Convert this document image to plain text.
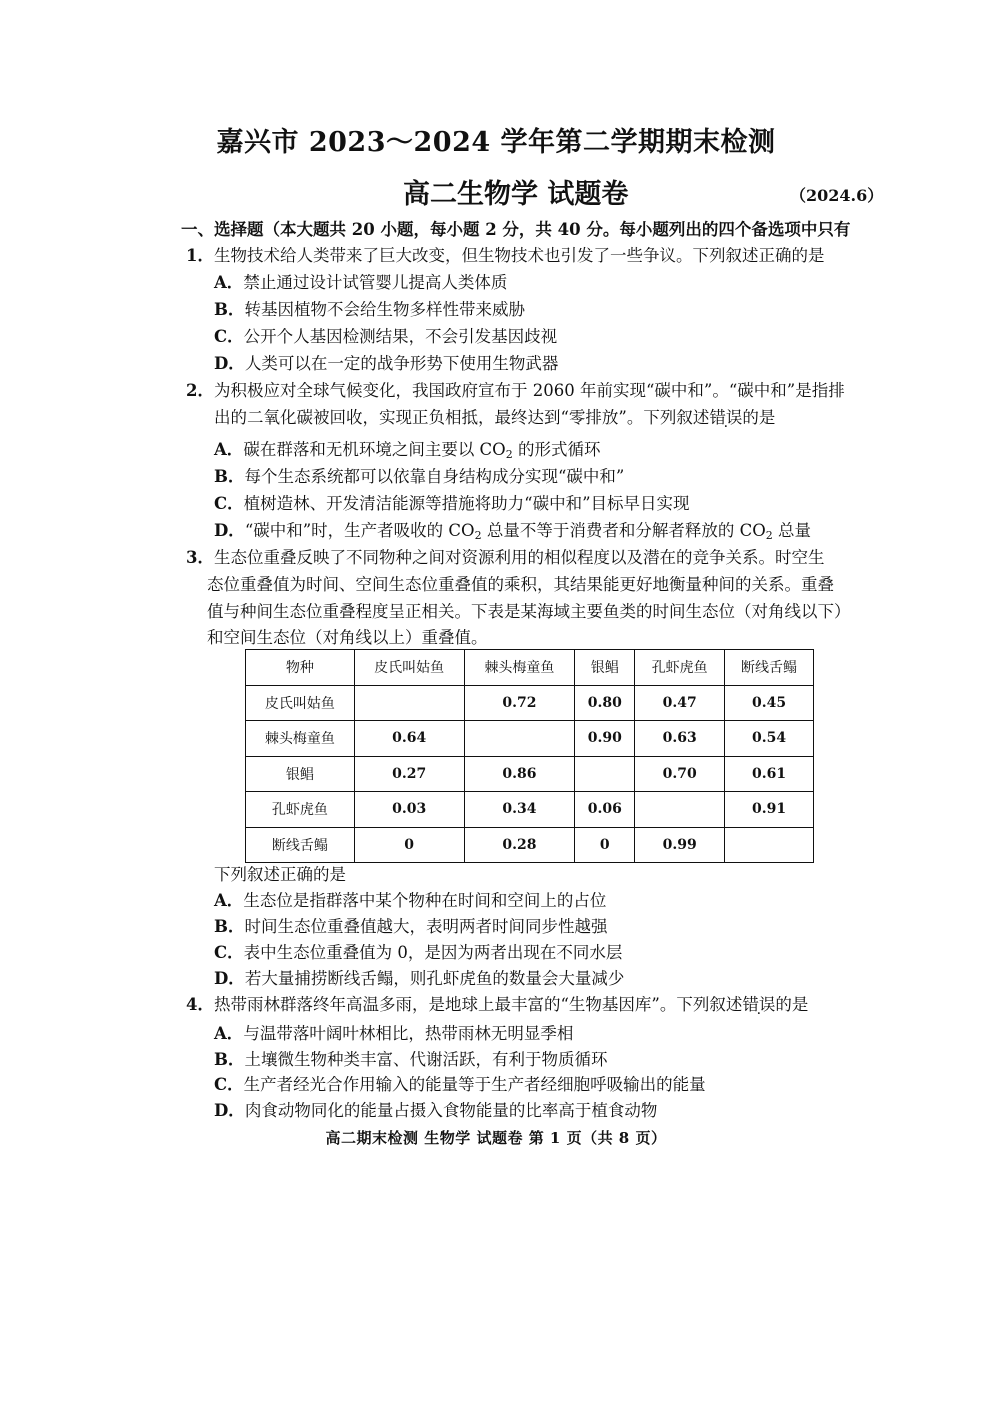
嘉兴市 2023～2024 学年第二学期期末检测
高二生物学 试题卷	（2024.6）
一、选择题（本大题共 20 小题，每小题 2 分，共 40 分。每小题列出的四个备选项中只有
1．生物技术给人类带来了巨大改变，但生物技术也引发了一些争议。下列叙述正确的是
A．禁止通过设计试管婴儿提高人类体质
B．转基因植物不会给生物多样性带来威胁
C．公开个人基因检测结果，不会引发基因歧视
D．人类可以在一定的战争形势下使用生物武器
2．为积极应对全球气候变化，我国政府宣布于 2060 年前实现“碳中和”。“碳中和”是指排
出的二氧化碳被回收，实现正负相抵，最终达到“零排放”。下列叙述错误的是
A．碳在群落和无机环境之间主要以 $CO_2$ 的形式循环
B．每个生态系统都可以依靠自身结构成分实现“碳中和”
C．植树造林、开发清洁能源等措施将助力“碳中和”目标早日实现
D．“碳中和”时，生产者吸收的 $CO_2$ 总量不等于消费者和分解者释放的 $CO_2$ 总量
3．生态位重叠反映了不同物种之间对资源利用的相似程度以及潜在的竞争关系。时空生
态位重叠值为时间、空间生态位重叠值的乘积，其结果能更好地衡量种间的关系。重叠
值与种间生态位重叠程度呈正相关。下表是某海域主要鱼类的时间生态位（对角线以下）
和空间生态位（对角线以上）重叠值。
物种	皮氏叫姑鱼	棘头梅童鱼	银鲳	孔虾虎鱼	断线舌鳎
皮氏叫姑鱼		0.72	0.80	0.47	0.45
棘头梅童鱼	0.64		0.90	0.63	0.54
银鲳	0.27	0.86		0.70	0.61
孔虾虎鱼	0.03	0.34	0.06		0.91
断线舌鳎	0	0.28	0	0.99	
下列叙述正确的是
A．生态位是指群落中某个物种在时间和空间上的占位
B．时间生态位重叠值越大，表明两者时间同步性越强
C．表中生态位重叠值为 0，是因为两者出现在不同水层
D．若大量捕捞断线舌鳎，则孔虾虎鱼的数量会大量减少
4．热带雨林群落终年高温多雨，是地球上最丰富的“生物基因库”。下列叙述错误的是
A．与温带落叶阔叶林相比，热带雨林无明显季相
B．土壤微生物种类丰富、代谢活跃，有利于物质循环
C．生产者经光合作用输入的能量等于生产者经细胞呼吸输出的能量
D．肉食动物同化的能量占摄入食物能量的比率高于植食动物
高二期末检测 生物学 试题卷 第 1 页（共 8 页）
